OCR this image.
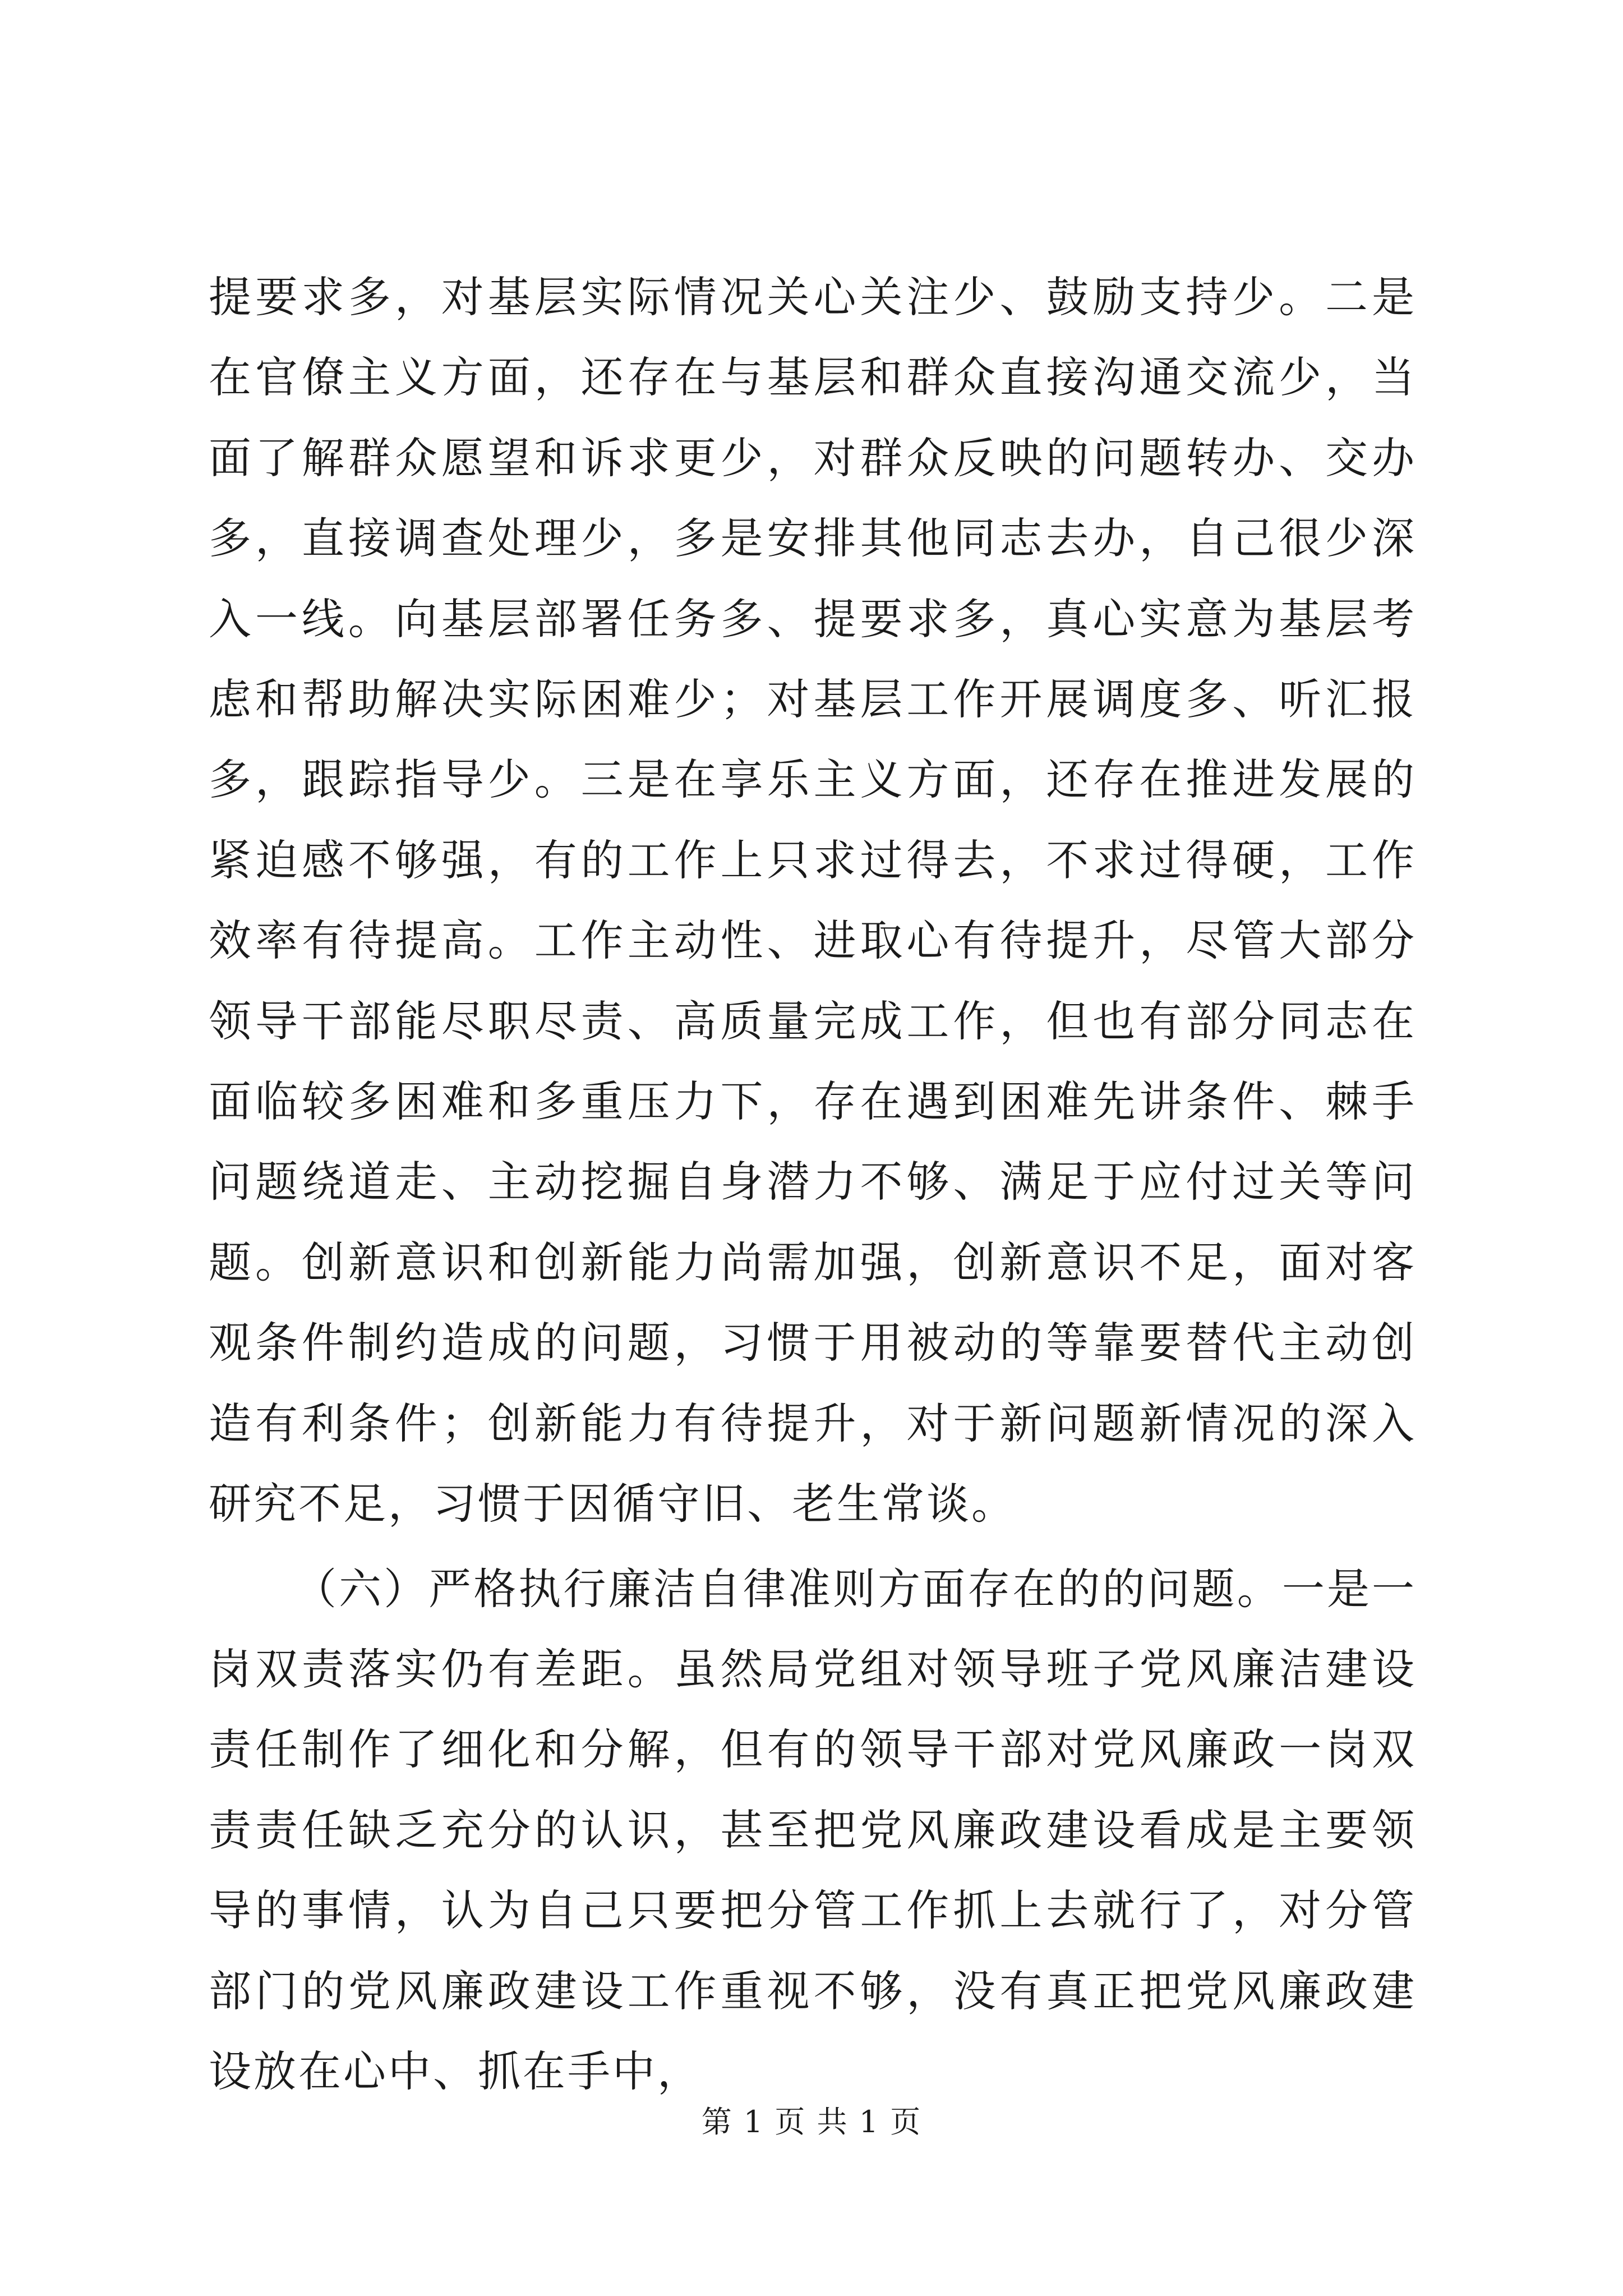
提要求多，对基层实际情况关心关注少、鼓励支持少。二是在官僚主义方面，还存在与基层和群众直接沟通交流少，当面了解群众愿望和诉求更少，对群众反映的问题转办、交办多，直接调查处理少，多是安排其他同志去办，自己很少深入一线。向基层部署任务多、提要求多，真心实意为基层考虑和帮助解决实际困难少；对基层工作开展调度多、听汇报多，跟踪指导少。三是在享乐主义方面，还存在推进发展的紧迫感不够强，有的工作上只求过得去，不求过得硬，工作效率有待提高。工作主动性、进取心有待提升，尽管大部分领导干部能尽职尽责、高质量完成工作，但也有部分同志在面临较多困难和多重压力下，存在遇到困难先讲条件、棘手问题绕道走、主动挖掘自身潜力不够、满足于应付过关等问题。创新意识和创新能力尚需加强，创新意识不足，面对客观条件制约造成的问题，习惯于用被动的等靠要替代主动创造有利条件；创新能力有待提升，对于新问题新情况的深入研究不足，习惯于因循守旧、老生常谈。

（六）严格执行廉洁自律准则方面存在的的问题。一是一岗双责落实仍有差距。虽然局党组对领导班子党风廉洁建设责任制作了细化和分解，但有的领导干部对党风廉政一岗双责责任缺乏充分的认识，甚至把党风廉政建设看成是主要领导的事情，认为自己只要把分管工作抓上去就行了，对分管部门的党风廉政建设工作重视不够，没有真正把党风廉政建设放在心中、抓在手中，

第 1 页 共 1 页
